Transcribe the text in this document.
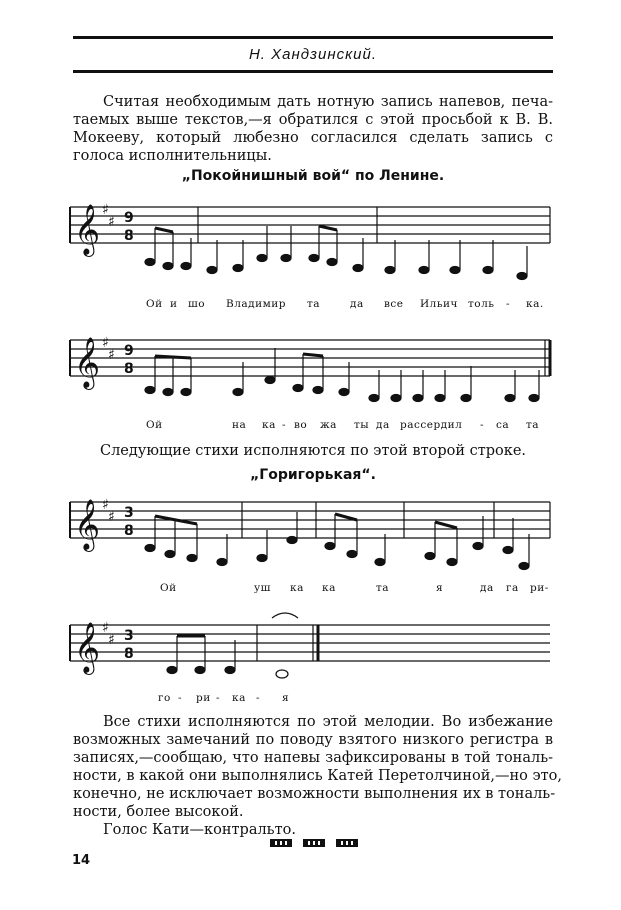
Н. Хандзинский.
Считая необходимым дать нотную запись напевов, печа-
таемых выше текстов,—я обратился с этой просьбой к В. В.
Мокееву, который любезно согласился сделать запись с
голоса исполнительницы.
„Покойнишный вой“ по Ленине.
𝄞
𝄞
𝄞
𝄞
♯
♯
♯
♯
♯
♯
♯
♯
9
8
9
8
3
8
3
8
Ой и шо Владимир та	да все Ильич толь - ка.
Ой	на ка - во жа ты да рассердил - са та
Следующие стихи исполняются по этой второй строке.
„Горигорькая“.
Ой	уш ка ка	та	я	да га ри-
го - ри - ка - я
Все стихи исполняются по этой мелодии. Во избежание
возможных замечаний по поводу взятого низкого регистра в
записях,—сообщаю, что напевы зафиксированы в той тональ-
ности, в какой они выполнялись Катей Перетолчиной,—но это,
конечно, не исключает возможности выполнения их в тональ-
ности, более высокой.
Голос Кати—контральто.
14
